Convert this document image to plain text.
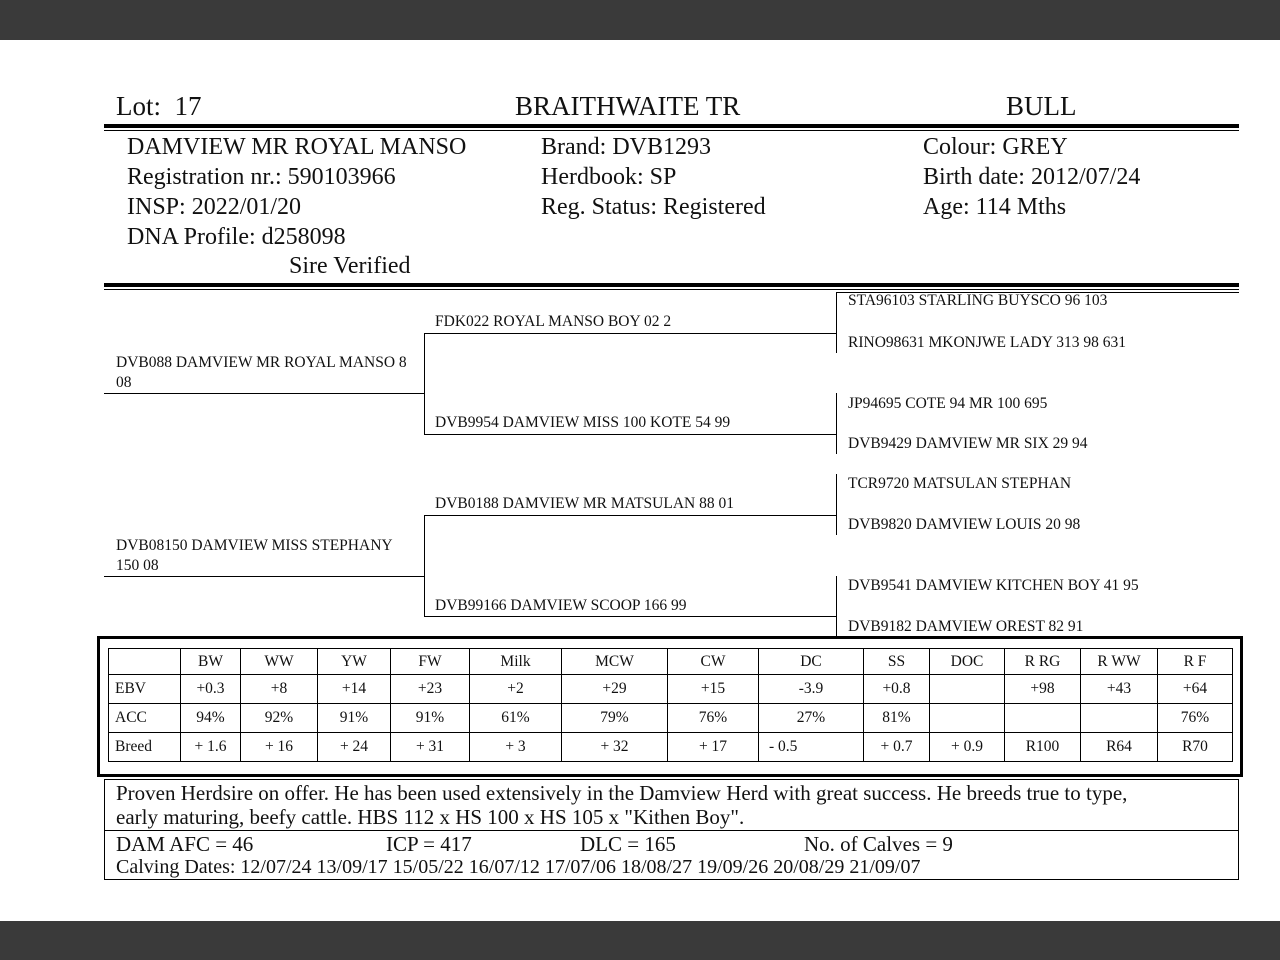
Lot: 17	BRAITHWAITE TR	BULL
DAMVIEW MR ROYAL MANSO
Registration nr.: 590103966
INSP: 2022/01/20
DNA Profile: d258098
Sire Verified
Brand: DVB1293
Herdbook: SP
Reg. Status: Registered
Colour: GREY
Birth date: 2012/07/24
Age: 114 Mths
DVB088 DAMVIEW MR ROYAL MANSO 8 08
DVB08150 DAMVIEW MISS STEPHANY 150 08
FDK022 ROYAL MANSO BOY 02 2
DVB9954 DAMVIEW MISS 100 KOTE 54 99
DVB0188 DAMVIEW MR MATSULAN 88 01
DVB99166 DAMVIEW SCOOP 166 99
STA96103 STARLING BUYSCO 96 103
RINO98631 MKONJWE LADY 313 98 631
JP94695 COTE 94 MR 100 695
DVB9429 DAMVIEW MR SIX 29 94
TCR9720 MATSULAN STEPHAN
DVB9820 DAMVIEW LOUIS 20 98
DVB9541 DAMVIEW KITCHEN BOY 41 95
DVB9182 DAMVIEW OREST 82 91
	BW	WW	YW	FW	Milk	MCW	CW	DC	SS	DOC	R RG	R WW	R F
EBV	+0.3	+8	+14	+23	+2	+29	+15	-3.9	+0.8		+98	+43	+64
ACC	94%	92%	91%	91%	61%	79%	76%	27%	81%				76%
Breed	+ 1.6	+ 16	+ 24	+ 31	+ 3	+ 32	+ 17	- 0.5	+ 0.7	+ 0.9	R100	R64	R70
Proven Herdsire on offer. He has been used extensively in the Damview Herd with great success. He breeds true to type,
early maturing, beefy cattle. HBS 112 x HS 100 x HS 105 x "Kithen Boy".
DAM AFC = 46	ICP = 417	DLC = 165	No. of Calves = 9
Calving Dates: 12/07/24 13/09/17 15/05/22 16/07/12 17/07/06 18/08/27 19/09/26 20/08/29 21/09/07
